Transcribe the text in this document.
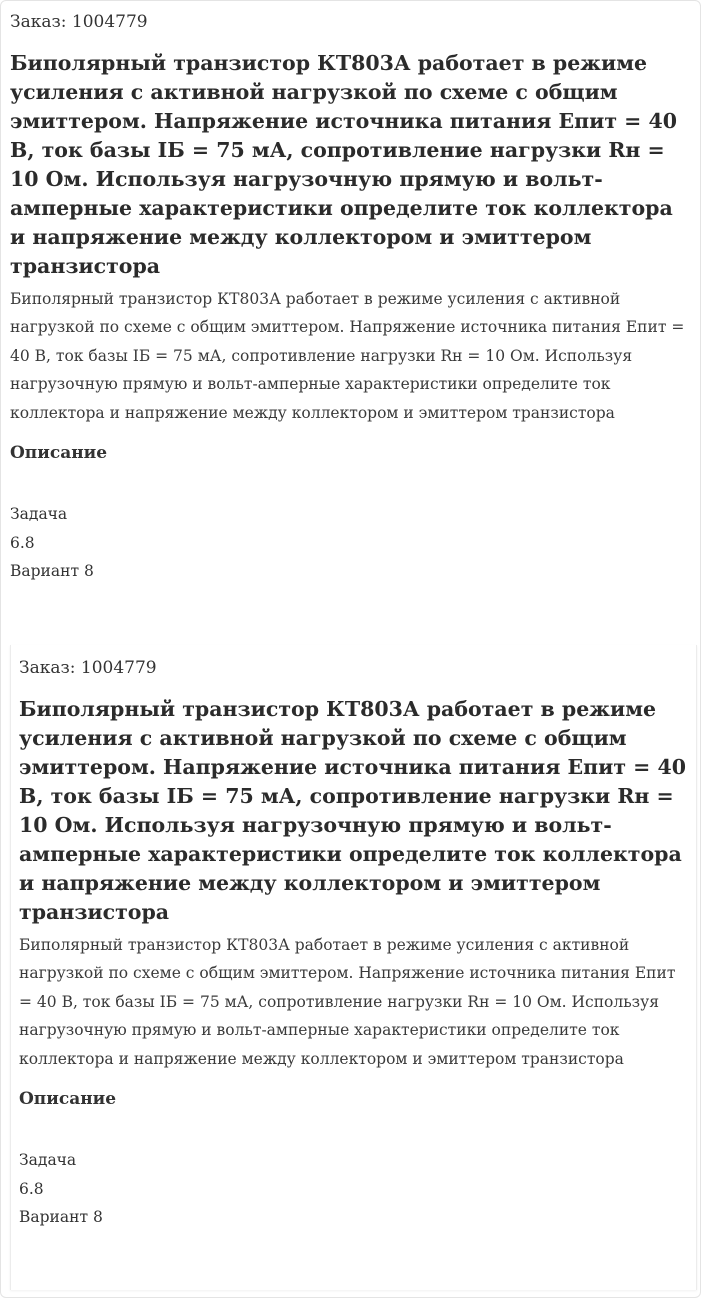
Заказ: 1004779
Биполярный транзистор КТ803А работает в режиме усиления с активной нагрузкой по схеме с общим эмиттером. Напряжение источника питания Епит = 40 В, ток базы IБ = 75 мА, сопротивление нагрузки Rн = 10 Ом. Используя нагрузочную прямую и вольт-амперные характеристики определите ток коллектора и напряжение между коллектором и эмиттером транзистора
Биполярный транзистор КТ803А работает в режиме усиления с активной нагрузкой по схеме с общим эмиттером. Напряжение источника питания Епит = 40 В, ток базы IБ = 75 мА, сопротивление нагрузки Rн = 10 Ом. Используя нагрузочную прямую и вольт-амперные характеристики определите ток коллектора и напряжение между коллектором и эмиттером транзистора
Описание
Задача
6.8
Вариант 8
Заказ: 1004779
Биполярный транзистор КТ803А работает в режиме усиления с активной нагрузкой по схеме с общим эмиттером. Напряжение источника питания Епит = 40 В, ток базы IБ = 75 мА, сопротивление нагрузки Rн = 10 Ом. Используя нагрузочную прямую и вольт-амперные характеристики определите ток коллектора и напряжение между коллектором и эмиттером транзистора
Биполярный транзистор КТ803А работает в режиме усиления с активной нагрузкой по схеме с общим эмиттером. Напряжение источника питания Епит = 40 В, ток базы IБ = 75 мА, сопротивление нагрузки Rн = 10 Ом. Используя нагрузочную прямую и вольт-амперные характеристики определите ток коллектора и напряжение между коллектором и эмиттером транзистора
Описание
Задача
6.8
Вариант 8
